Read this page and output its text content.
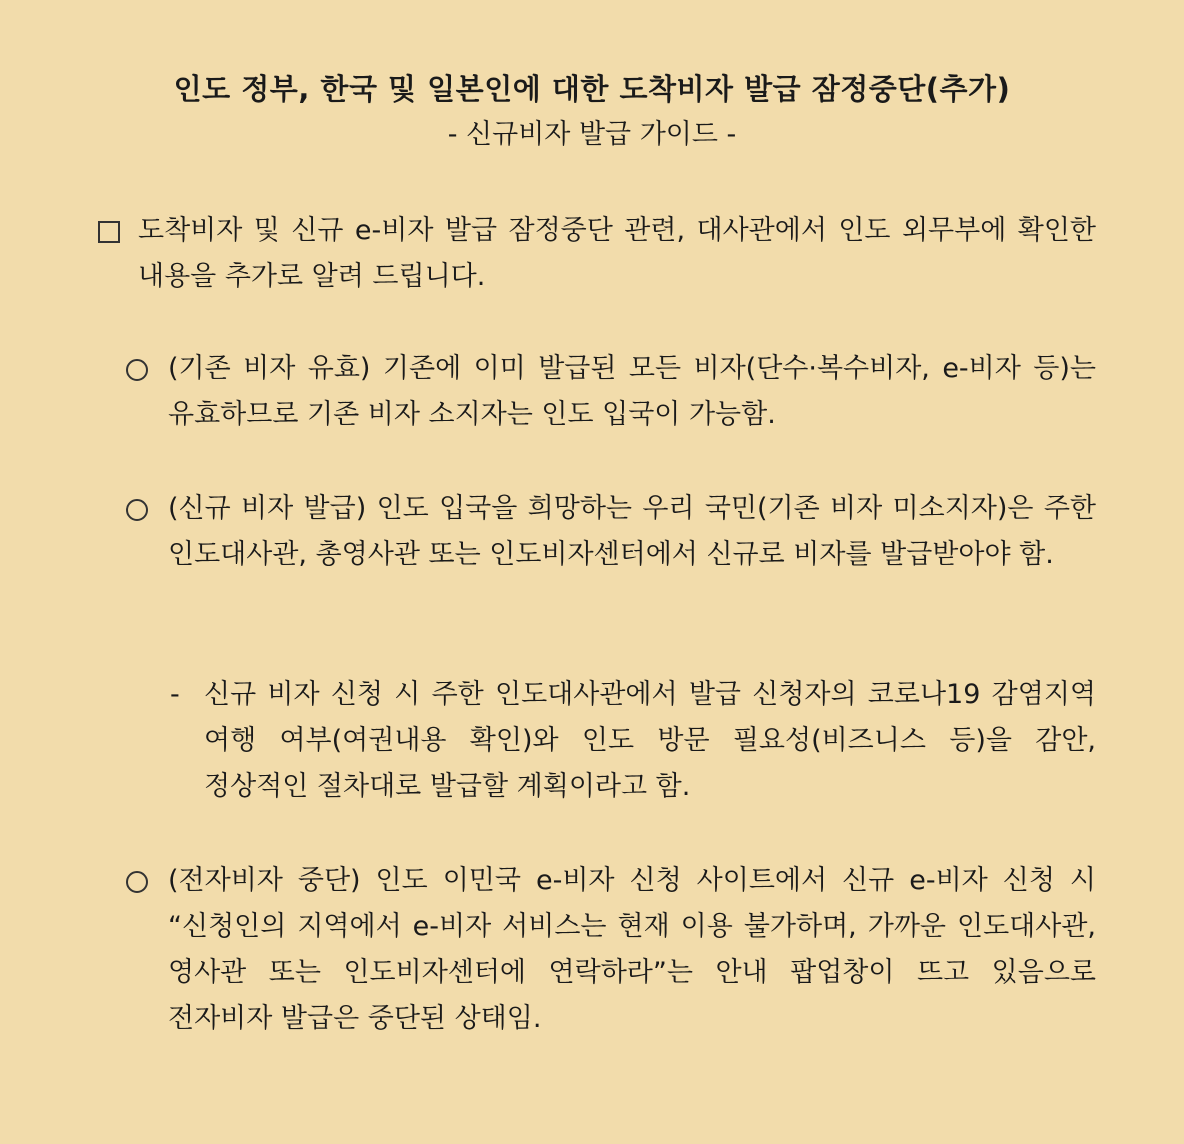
인도 정부, 한국 및 일본인에 대한 도착비자 발급 잠정중단(추가)
- 신규비자 발급 가이드 -
도착비자 및 신규 e-비자 발급 잠정중단 관련, 대사관에서 인도 외무부에 확인한 내용을 추가로 알려 드립니다.
(기존 비자 유효) 기존에 이미 발급된 모든 비자(단수·복수비자, e-비자 등)는 유효하므로 기존 비자 소지자는 인도 입국이 가능함.
(신규 비자 발급) 인도 입국을 희망하는 우리 국민(기존 비자 미소지자)은 주한 인도대사관, 총영사관 또는 인도비자센터에서 신규로 비자를 발급받아야 함.
- 신규 비자 신청 시 주한 인도대사관에서 발급 신청자의 코로나19 감염지역 여행 여부(여권내용 확인)와 인도 방문 필요성(비즈니스 등)을 감안, 정상적인 절차대로 발급할 계획이라고 함.
(전자비자 중단) 인도 이민국 e-비자 신청 사이트에서 신규 e-비자 신청 시 “신청인의 지역에서 e-비자 서비스는 현재 이용 불가하며, 가까운 인도대사관, 영사관 또는 인도비자센터에 연락하라”는 안내 팝업창이 뜨고 있음으로 전자비자 발급은 중단된 상태임.
